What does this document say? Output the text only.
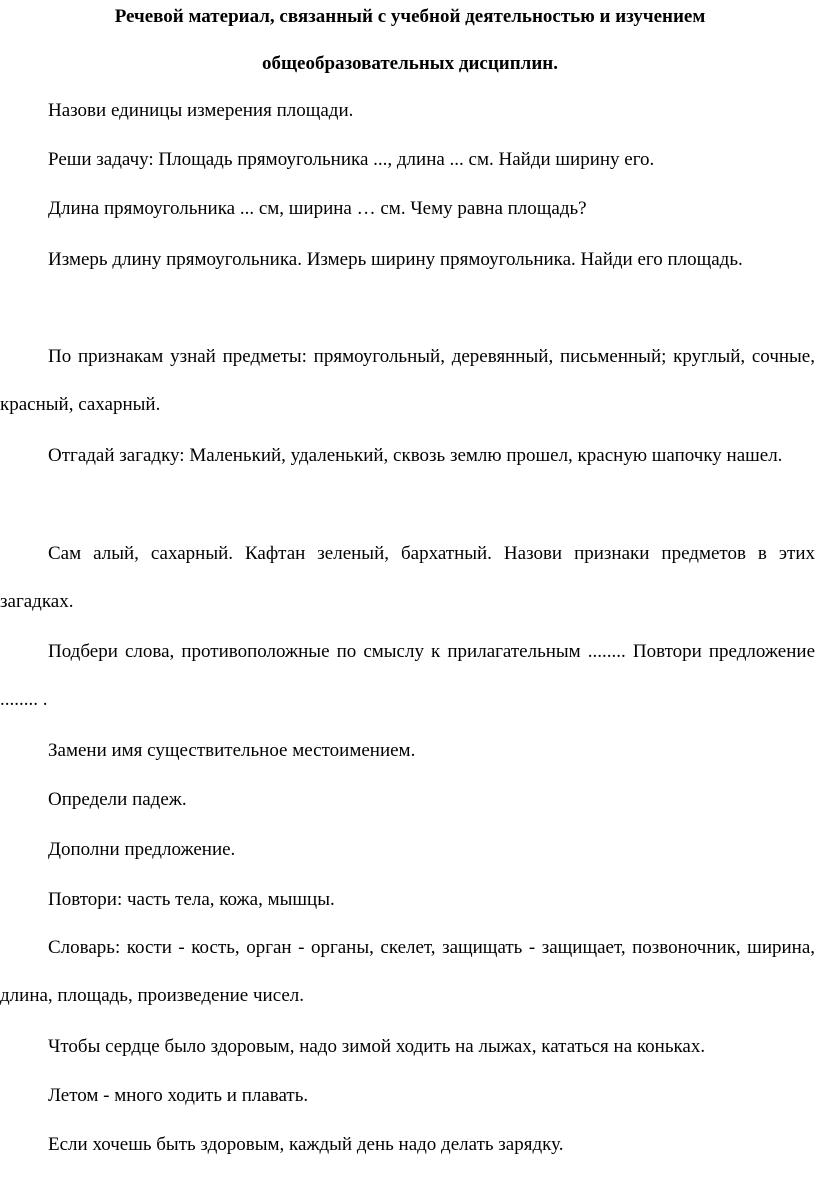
Речевой материал, связанный с учебной деятельностью и изучением
общеобразовательных дисциплин.

Назови единицы измерения площади.

Реши задачу: Площадь прямоугольника ..., длина ... см. Найди ширину его.

Длина прямоугольника ... см, ширина … см. Чему равна площадь?

Измерь длину прямоугольника. Измерь ширину прямоугольника. Найди его площадь.

По признакам узнай предметы: прямоугольный, деревянный, письменный; круглый, сочные, красный, сахарный.

Отгадай загадку: Маленький, удаленький, сквозь землю прошел, красную шапочку нашел.

Сам алый, сахарный. Кафтан зеленый, бархатный. Назови признаки предметов в этих загадках.

Подбери слова, противоположные по смыслу к прилагательным ........ Повтори предложение ........ .

Замени имя существительное местоимением.

Определи падеж.

Дополни предложение.

Повтори: часть тела, кожа, мышцы.

Словарь: кости - кость, орган - органы, скелет, защищать - защищает, позвоночник, ширина, длина, площадь, произведение чисел.

Чтобы сердце было здоровым, надо зимой ходить на лыжах, кататься на коньках.

Летом - много ходить и плавать.

Если хочешь быть здоровым, каждый день надо делать зарядку.
